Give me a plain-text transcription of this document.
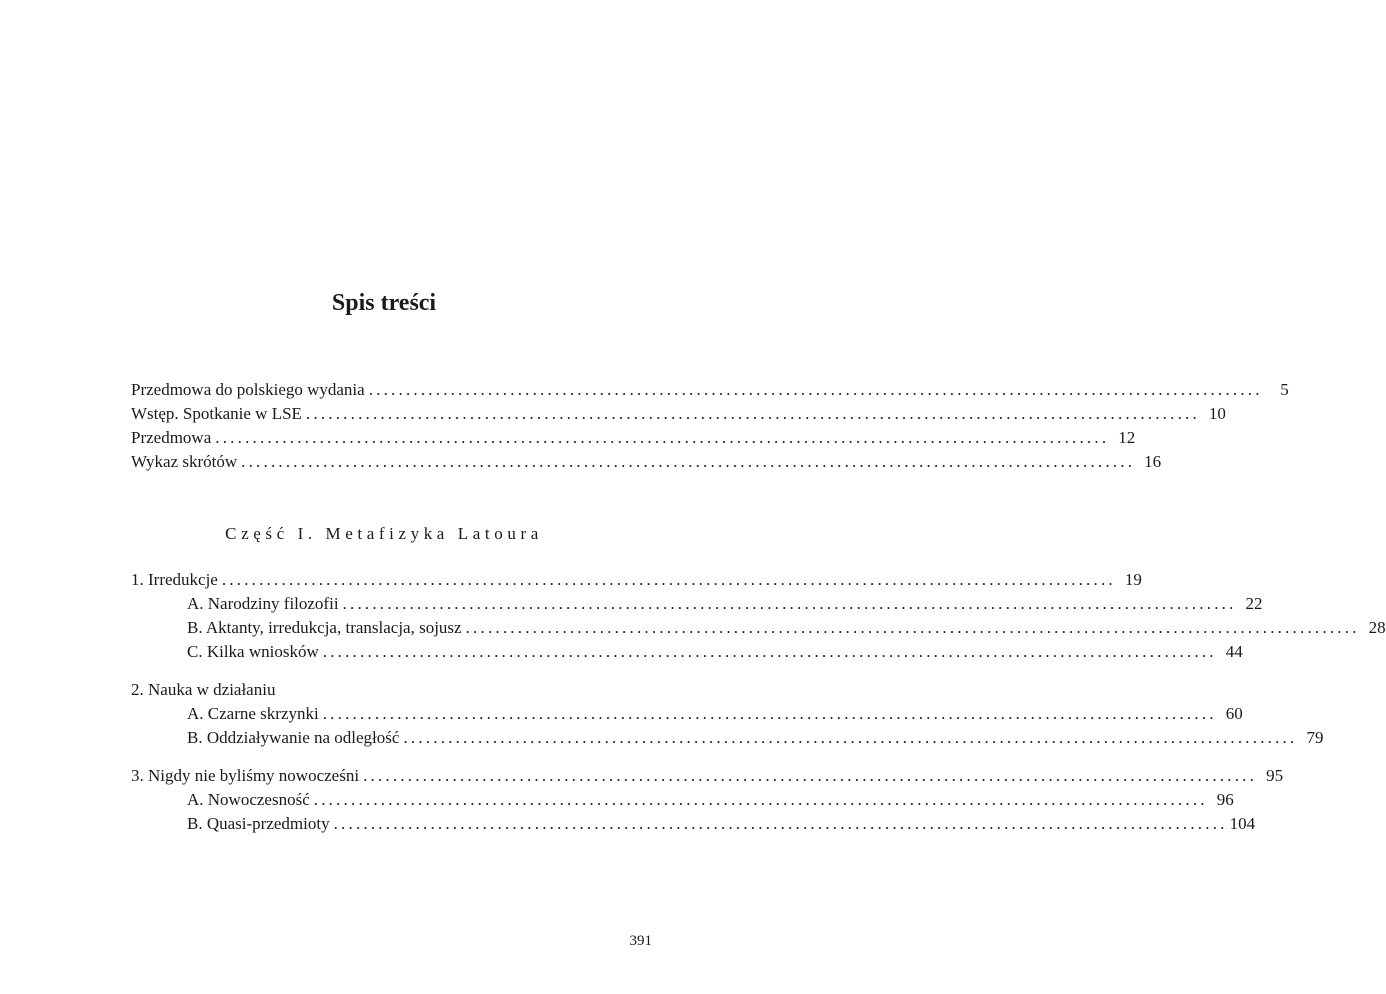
Spis treści
Przedmowa do polskiego wydania ........................................................................................................................	5
Wstęp. Spotkanie w LSE ........................................................................................................................ 10
Przedmowa ........................................................................................................................ 12
Wykaz skrótów ........................................................................................................................ 16
Część I. Metafizyka Latoura
1. Irredukcje ........................................................................................................................ 19
A. Narodziny filozofii ........................................................................................................................ 22
B. Aktanty, irredukcja, translacja, sojusz ........................................................................................................................ 28
C. Kilka wniosków ........................................................................................................................ 44
2. Nauka w działaniu
A. Czarne skrzynki ........................................................................................................................ 60
B. Oddziaływanie na odległość ........................................................................................................................ 79
3. Nigdy nie byliśmy nowocześni ........................................................................................................................ 95
A. Nowoczesność ........................................................................................................................ 96
B. Quasi-przedmioty ........................................................................................................................ 104
391
